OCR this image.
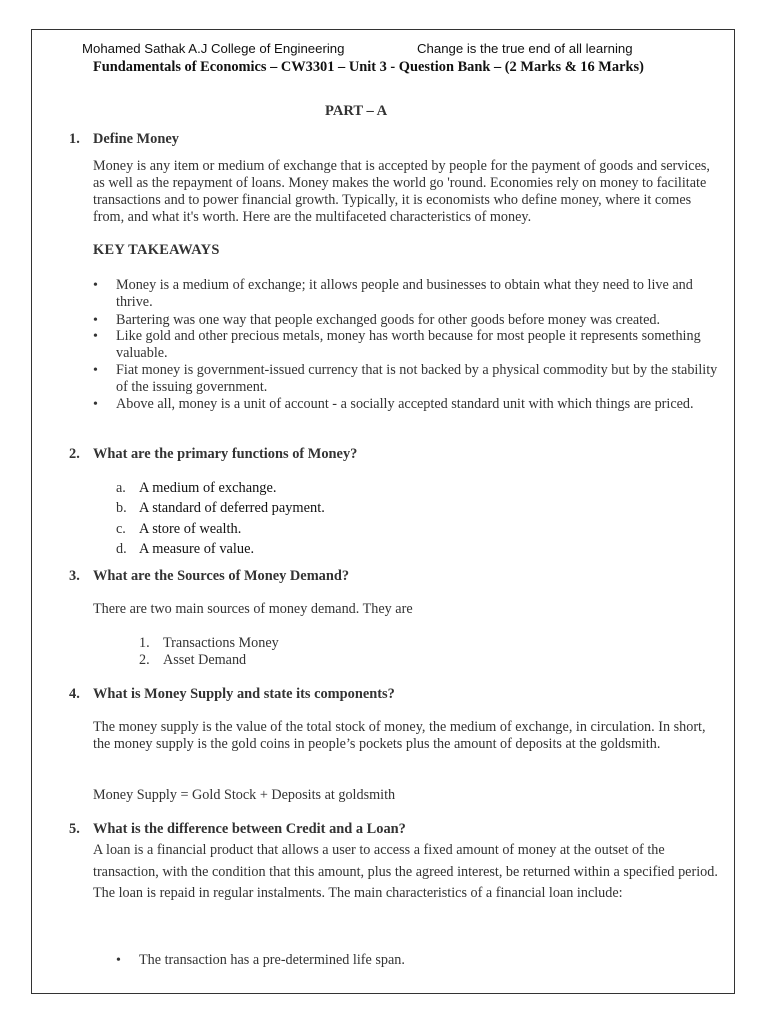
Mohamed Sathak A.J College of Engineering	Change is the true end of all learning
Fundamentals of Economics – CW3301 – Unit 3 - Question Bank – (2 Marks & 16 Marks)
PART – A
1. Define Money
Money is any item or medium of exchange that is accepted by people for the payment of goods and services, as well as the repayment of loans. Money makes the world go 'round. Economies rely on money to facilitate transactions and to power financial growth. Typically, it is economists who define money, where it comes from, and what it's worth. Here are the multifaceted characteristics of money.
KEY TAKEAWAYS
• Money is a medium of exchange; it allows people and businesses to obtain what they need to live and thrive.
• Bartering was one way that people exchanged goods for other goods before money was created.
• Like gold and other precious metals, money has worth because for most people it represents something valuable.
• Fiat money is government-issued currency that is not backed by a physical commodity but by the stability of the issuing government.
• Above all, money is a unit of account - a socially accepted standard unit with which things are priced.
2. What are the primary functions of Money?
a. A medium of exchange.
b. A standard of deferred payment.
c. A store of wealth.
d. A measure of value.
3. What are the Sources of Money Demand?
There are two main sources of money demand. They are
1. Transactions Money
2. Asset Demand
4. What is Money Supply and state its components?
The money supply is the value of the total stock of money, the medium of exchange, in circulation. In short, the money supply is the gold coins in people’s pockets plus the amount of deposits at the goldsmith.
Money Supply = Gold Stock + Deposits at goldsmith
5. What is the difference between Credit and a Loan?
A loan is a financial product that allows a user to access a fixed amount of money at the outset of the transaction, with the condition that this amount, plus the agreed interest, be returned within a specified period. The loan is repaid in regular instalments. The main characteristics of a financial loan include:
• The transaction has a pre-determined life span.
